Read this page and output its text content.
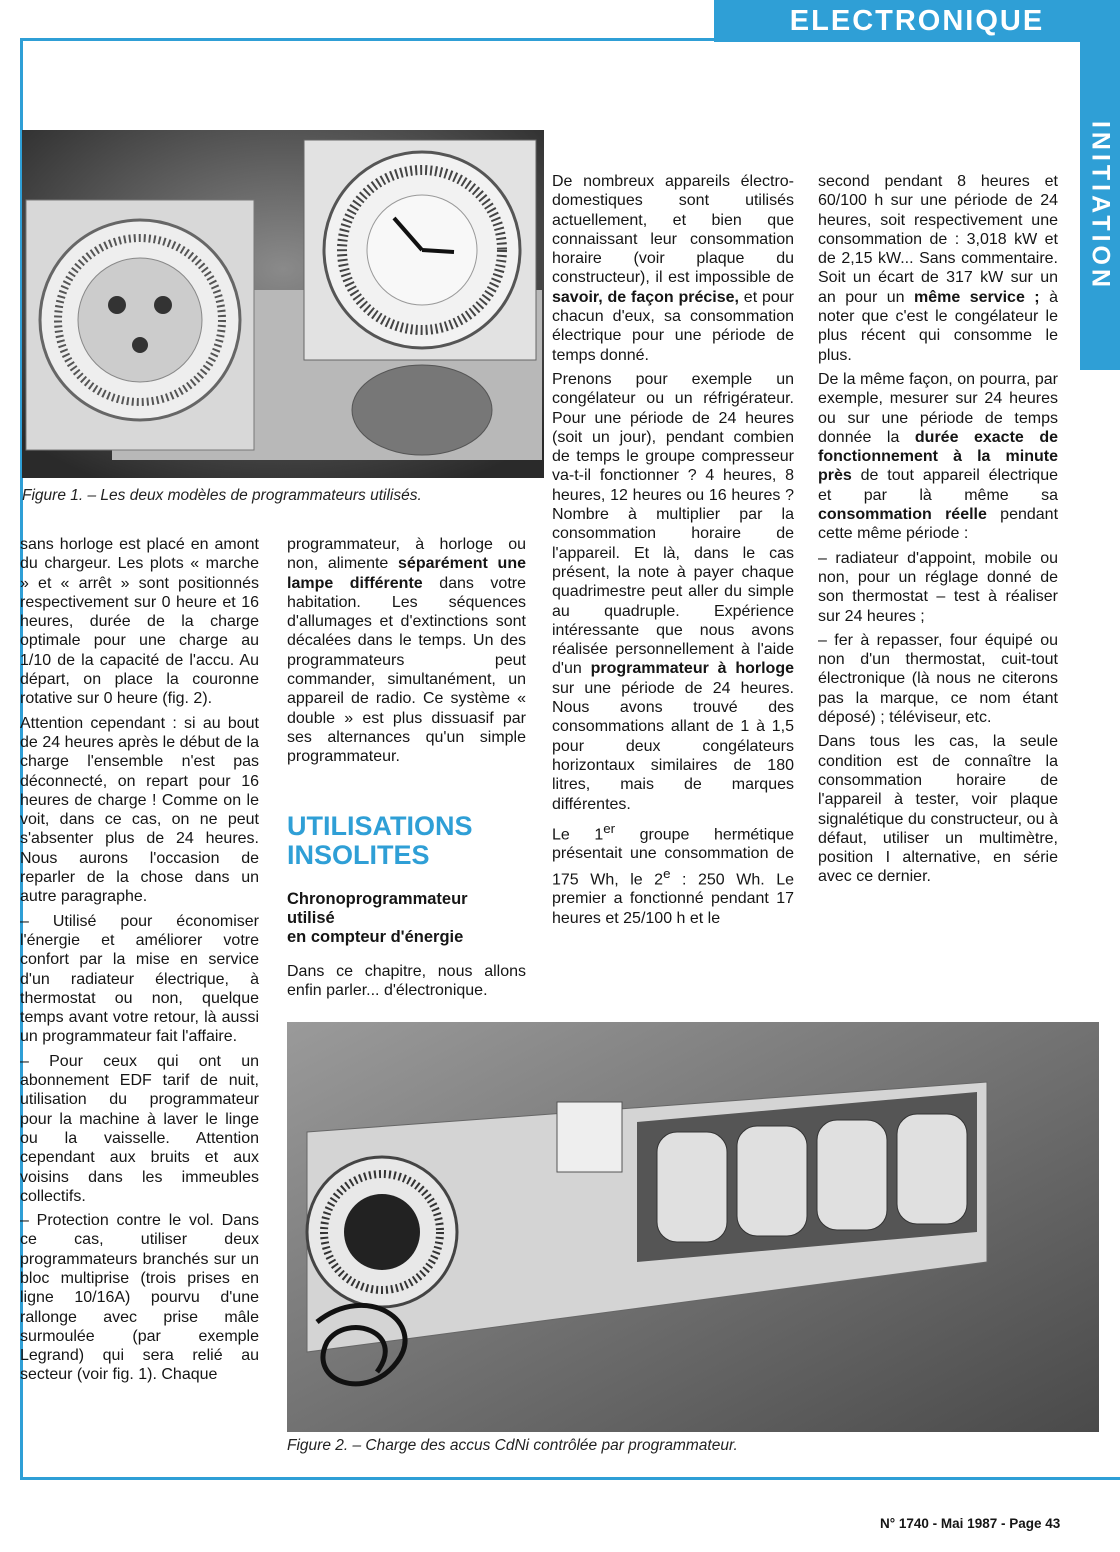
ELECTRONIQUE
INITIATION
Figure 1. – Les deux modèles de programmateurs utilisés.

sans horloge est placé en amont du chargeur. Les plots « marche » et « arrêt » sont positionnés respectivement sur 0 heure et 16 heures, durée de la charge optimale pour une charge au 1/10 de la capacité de l'accu. Au départ, on place la couronne rotative sur 0 heure (fig. 2).

Attention cependant : si au bout de 24 heures après le début de la charge l'ensemble n'est pas déconnecté, on repart pour 16 heures de charge ! Comme on le voit, dans ce cas, on ne peut s'absenter plus de 24 heures. Nous aurons l'occasion de reparler de la chose dans un autre paragraphe.

– Utilisé pour économiser l'énergie et améliorer votre confort par la mise en service d'un radiateur électrique, à thermostat ou non, quelque temps avant votre retour, là aussi un programmateur fait l'affaire.

– Pour ceux qui ont un abonnement EDF tarif de nuit, utilisation du programmateur pour la machine à laver le linge ou la vaisselle. Attention cependant aux bruits et aux voisins dans les immeubles collectifs.

– Protection contre le vol. Dans ce cas, utiliser deux programmateurs branchés sur un bloc multiprise (trois prises en ligne 10/16A) pourvu d'une rallonge avec prise mâle surmoulée (par exemple Legrand) qui sera relié au secteur (voir fig. 1). Chaque

programmateur, à horloge ou non, alimente séparément une lampe différente dans votre habitation. Les séquences d'allumages et d'extinctions sont décalées dans le temps. Un des programmateurs peut commander, simultanément, un appareil de radio. Ce système « double » est plus dissuasif par ses alternances qu'un simple programmateur.

UTILISATIONS
INSOLITES
Chronoprogrammateur
utilisé
en compteur d'énergie

Dans ce chapitre, nous allons enfin parler... d'électronique.

De nombreux appareils électro-domestiques sont utilisés actuellement, et bien que connaissant leur consommation horaire (voir plaque du constructeur), il est impossible de savoir, de façon précise, et pour chacun d'eux, sa consommation électrique pour une période de temps donné.

Prenons pour exemple un congélateur ou un réfrigérateur. Pour une période de 24 heures (soit un jour), pendant combien de temps le groupe compresseur va-t-il fonctionner ? 4 heures, 8 heures, 12 heures ou 16 heures ? Nombre à multiplier par la consommation horaire de l'appareil. Et là, dans le cas présent, la note à payer chaque quadrimestre peut aller du simple au quadruple. Expérience intéressante que nous avons réalisée personnellement à l'aide d'un programmateur à horloge sur une période de 24 heures. Nous avons trouvé des consommations allant de 1 à 1,5 pour deux congélateurs horizontaux similaires de 180 litres, mais de marques différentes.

Le 1er groupe hermétique présentait une consommation de 175 Wh, le 2e : 250 Wh. Le premier a fonctionné pendant 17 heures et 25/100 h et le

second pendant 8 heures et 60/100 h sur une période de 24 heures, soit respectivement une consommation de : 3,018 kW et de 2,15 kW... Sans commentaire. Soit un écart de 317 kW sur un an pour un même service ; à noter que c'est le congélateur le plus récent qui consomme le plus.

De la même façon, on pourra, par exemple, mesurer sur 24 heures ou sur une période de temps donnée la durée exacte de fonctionnement à la minute près de tout appareil électrique et par là même sa consommation réelle pendant cette même période :

– radiateur d'appoint, mobile ou non, pour un réglage donné de son thermostat – test à réaliser sur 24 heures ;

– fer à repasser, four équipé ou non d'un thermostat, cuit-tout électronique (là nous ne citerons pas la marque, ce nom étant déposé) ; téléviseur, etc.

Dans tous les cas, la seule condition est de connaître la consommation horaire de l'appareil à tester, voir plaque signalétique du constructeur, ou à défaut, utiliser un multimètre, position I alternative, en série avec ce dernier.

Figure 2. – Charge des accus CdNi contrôlée par programmateur.
N° 1740 - Mai 1987 - Page 43
